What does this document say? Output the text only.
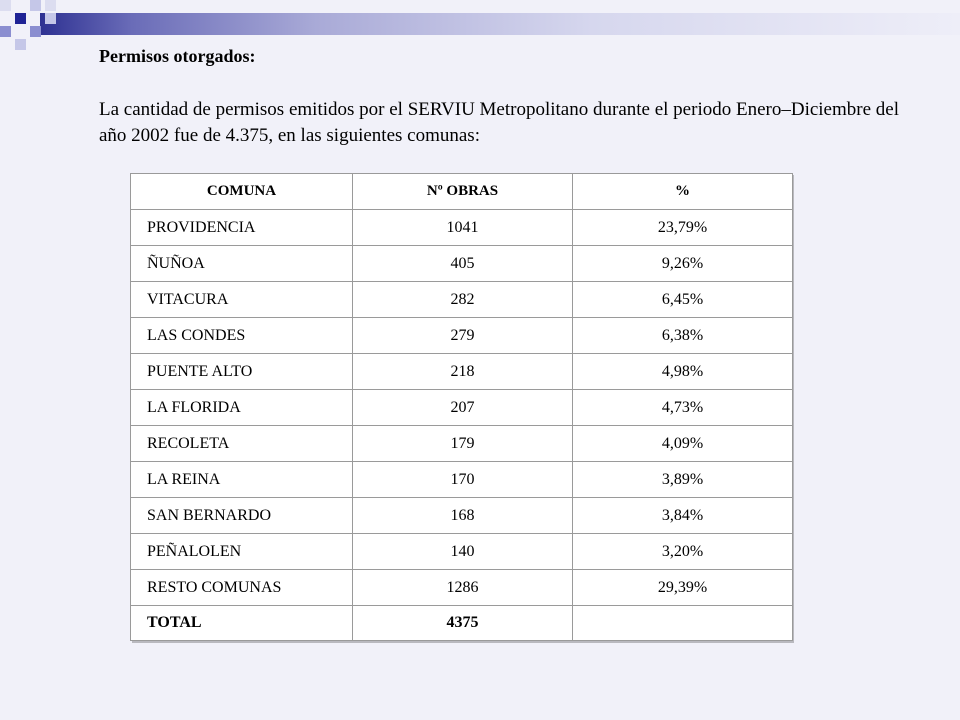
Permisos otorgados:
La cantidad de permisos emitidos por el SERVIU Metropolitano durante el periodo Enero–Diciembre del año 2002 fue de 4.375, en las siguientes comunas:
COMUNA	Nº OBRAS	%
PROVIDENCIA	1041	23,79%
ÑUÑOA	405	9,26%
VITACURA	282	6,45%
LAS CONDES	279	6,38%
PUENTE ALTO	218	4,98%
LA FLORIDA	207	4,73%
RECOLETA	179	4,09%
LA REINA	170	3,89%
SAN BERNARDO	168	3,84%
PEÑALOLEN	140	3,20%
RESTO COMUNAS	1286	29,39%
TOTAL	4375	
